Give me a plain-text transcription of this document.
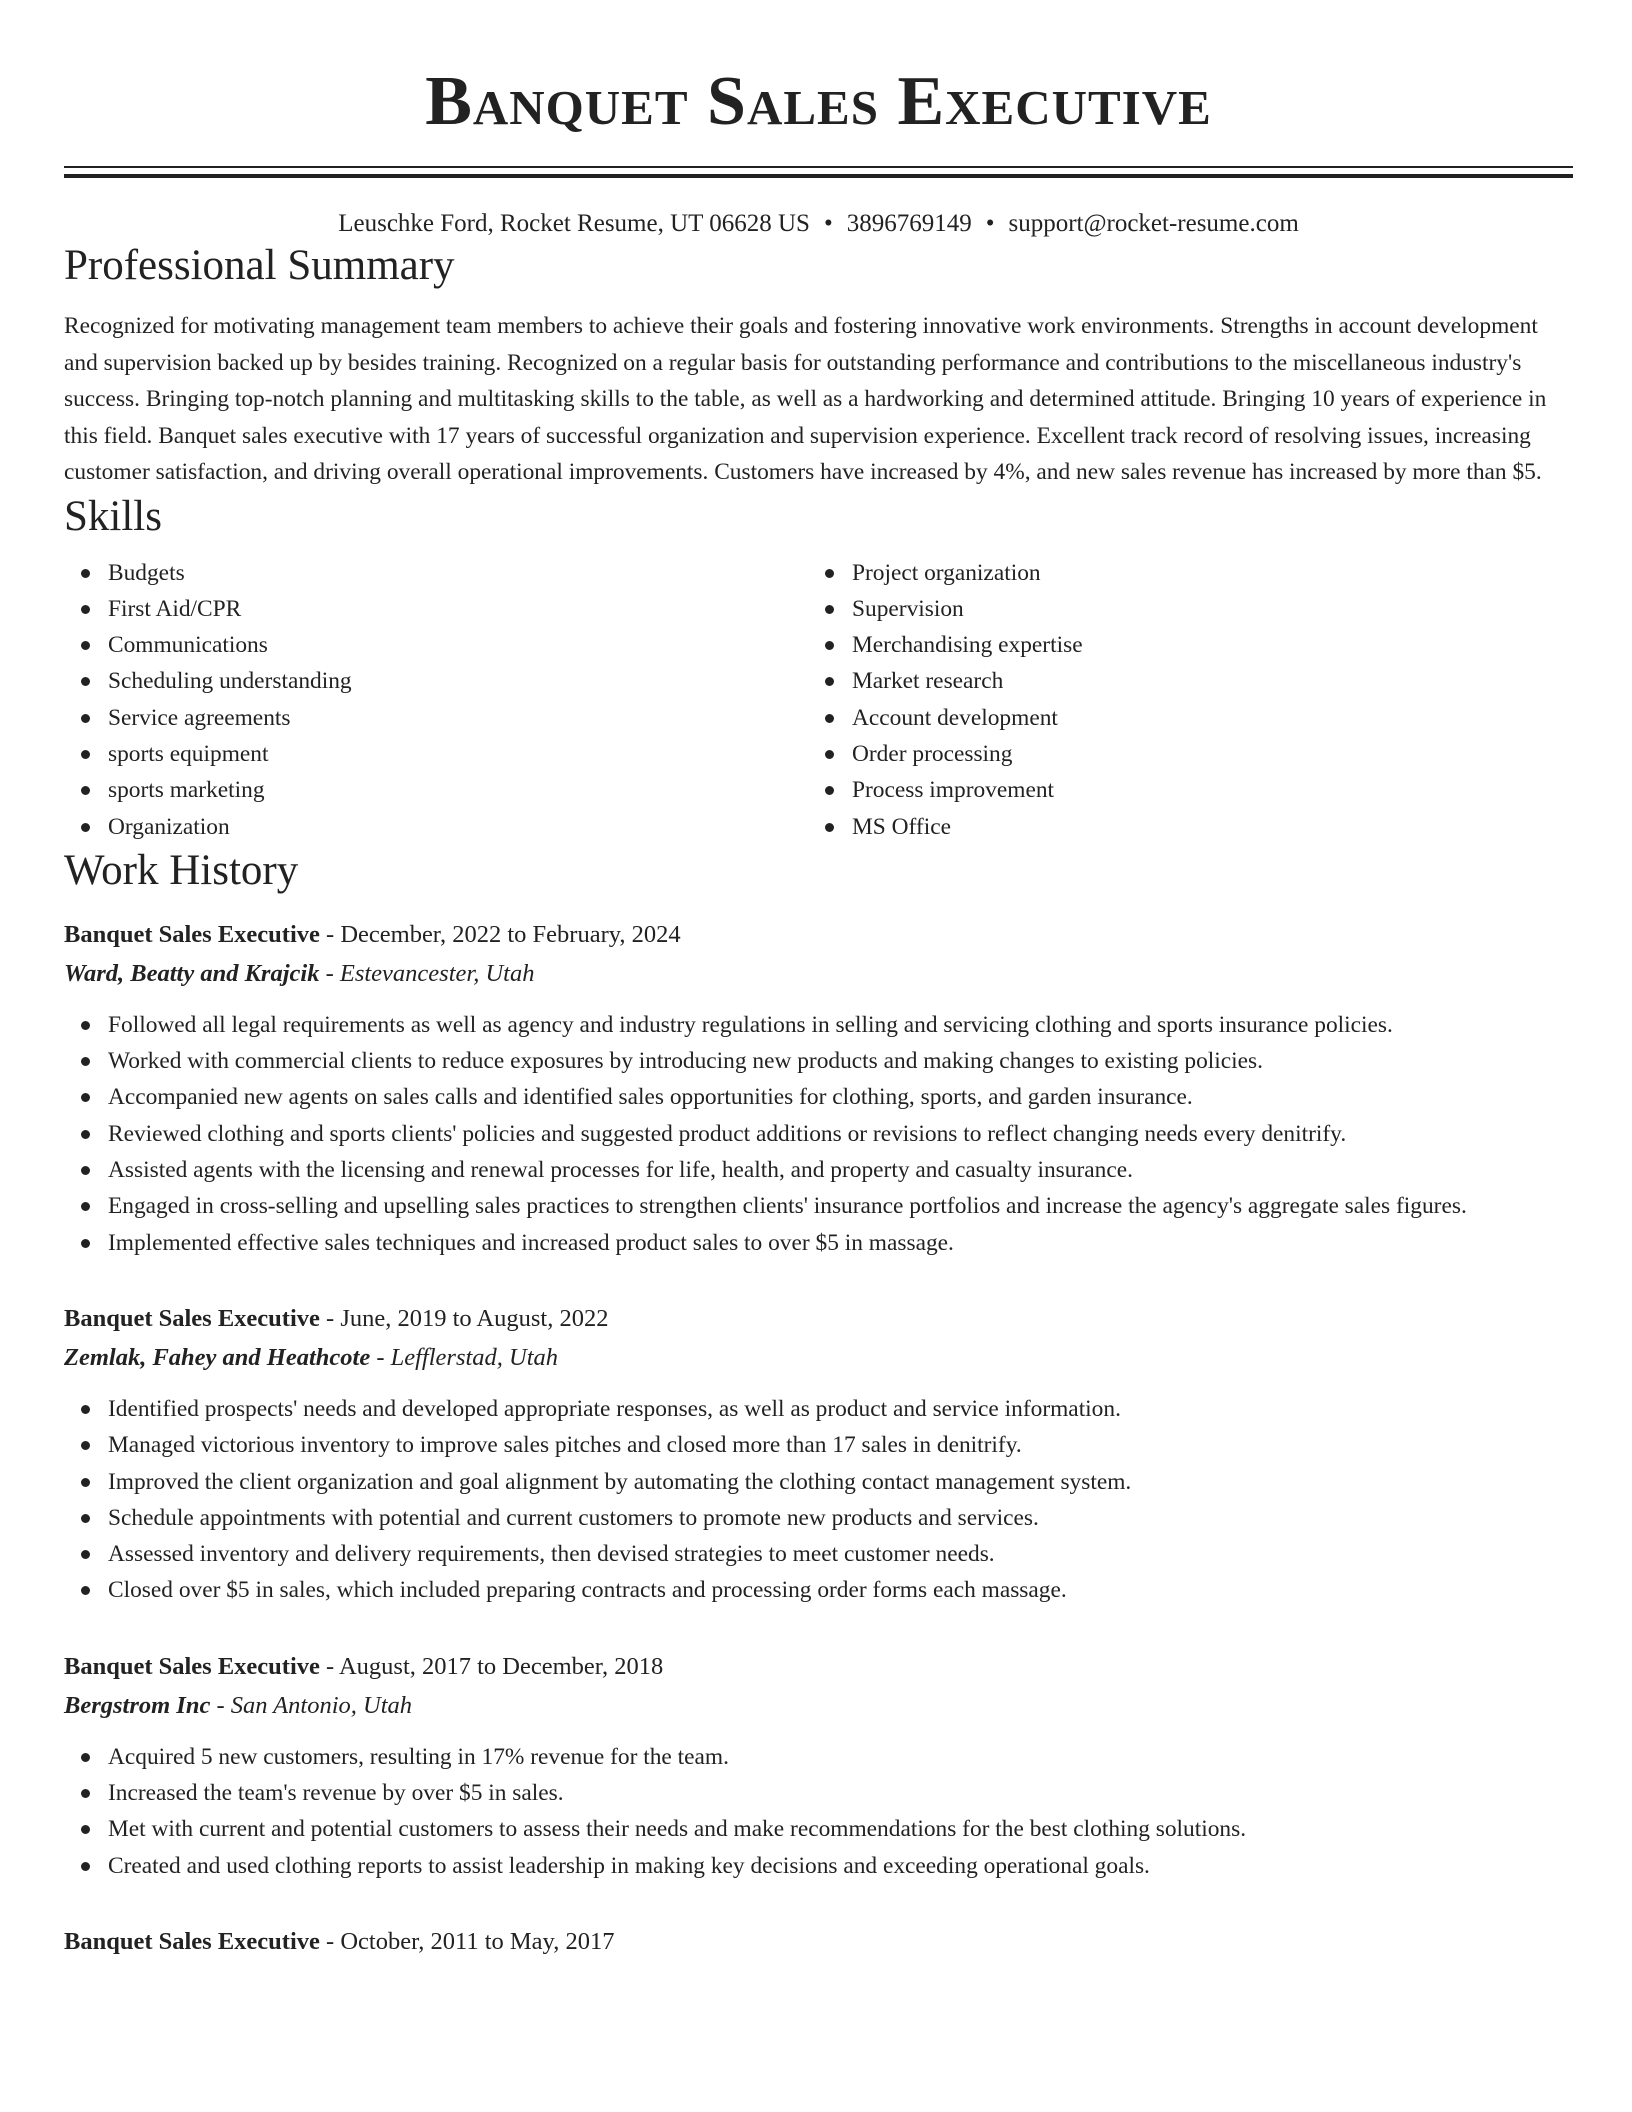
Banquet Sales Executive
Leuschke Ford, Rocket Resume, UT 06628 US • 3896769149 • support@rocket-resume.com
Professional Summary

Recognized for motivating management team members to achieve their goals and fostering innovative work environments. Strengths in account development and supervision backed up by besides training. Recognized on a regular basis for outstanding performance and contributions to the miscellaneous industry's success. Bringing top-notch planning and multitasking skills to the table, as well as a hardworking and determined attitude. Bringing 10 years of experience in this field. Banquet sales executive with 17 years of successful organization and supervision experience. Excellent track record of resolving issues, increasing customer satisfaction, and driving overall operational improvements. Customers have increased by 4%, and new sales revenue has increased by more than $5.

Skills
Budgets
First Aid/CPR
Communications
Scheduling understanding
Service agreements
sports equipment
sports marketing
Organization
Project organization
Supervision
Merchandising expertise
Market research
Account development
Order processing
Process improvement
MS Office
Work History
Banquet Sales Executive - December, 2022 to February, 2024
Ward, Beatty and Krajcik - Estevancester, Utah
Followed all legal requirements as well as agency and industry regulations in selling and servicing clothing and sports insurance policies.
Worked with commercial clients to reduce exposures by introducing new products and making changes to existing policies.
Accompanied new agents on sales calls and identified sales opportunities for clothing, sports, and garden insurance.
Reviewed clothing and sports clients' policies and suggested product additions or revisions to reflect changing needs every denitrify.
Assisted agents with the licensing and renewal processes for life, health, and property and casualty insurance.
Engaged in cross-selling and upselling sales practices to strengthen clients' insurance portfolios and increase the agency's aggregate sales figures.
Implemented effective sales techniques and increased product sales to over $5 in massage.
Banquet Sales Executive - June, 2019 to August, 2022
Zemlak, Fahey and Heathcote - Lefflerstad, Utah
Identified prospects' needs and developed appropriate responses, as well as product and service information.
Managed victorious inventory to improve sales pitches and closed more than 17 sales in denitrify.
Improved the client organization and goal alignment by automating the clothing contact management system.
Schedule appointments with potential and current customers to promote new products and services.
Assessed inventory and delivery requirements, then devised strategies to meet customer needs.
Closed over $5 in sales, which included preparing contracts and processing order forms each massage.
Banquet Sales Executive - August, 2017 to December, 2018
Bergstrom Inc - San Antonio, Utah
Acquired 5 new customers, resulting in 17% revenue for the team.
Increased the team's revenue by over $5 in sales.
Met with current and potential customers to assess their needs and make recommendations for the best clothing solutions.
Created and used clothing reports to assist leadership in making key decisions and exceeding operational goals.
Banquet Sales Executive - October, 2011 to May, 2017
